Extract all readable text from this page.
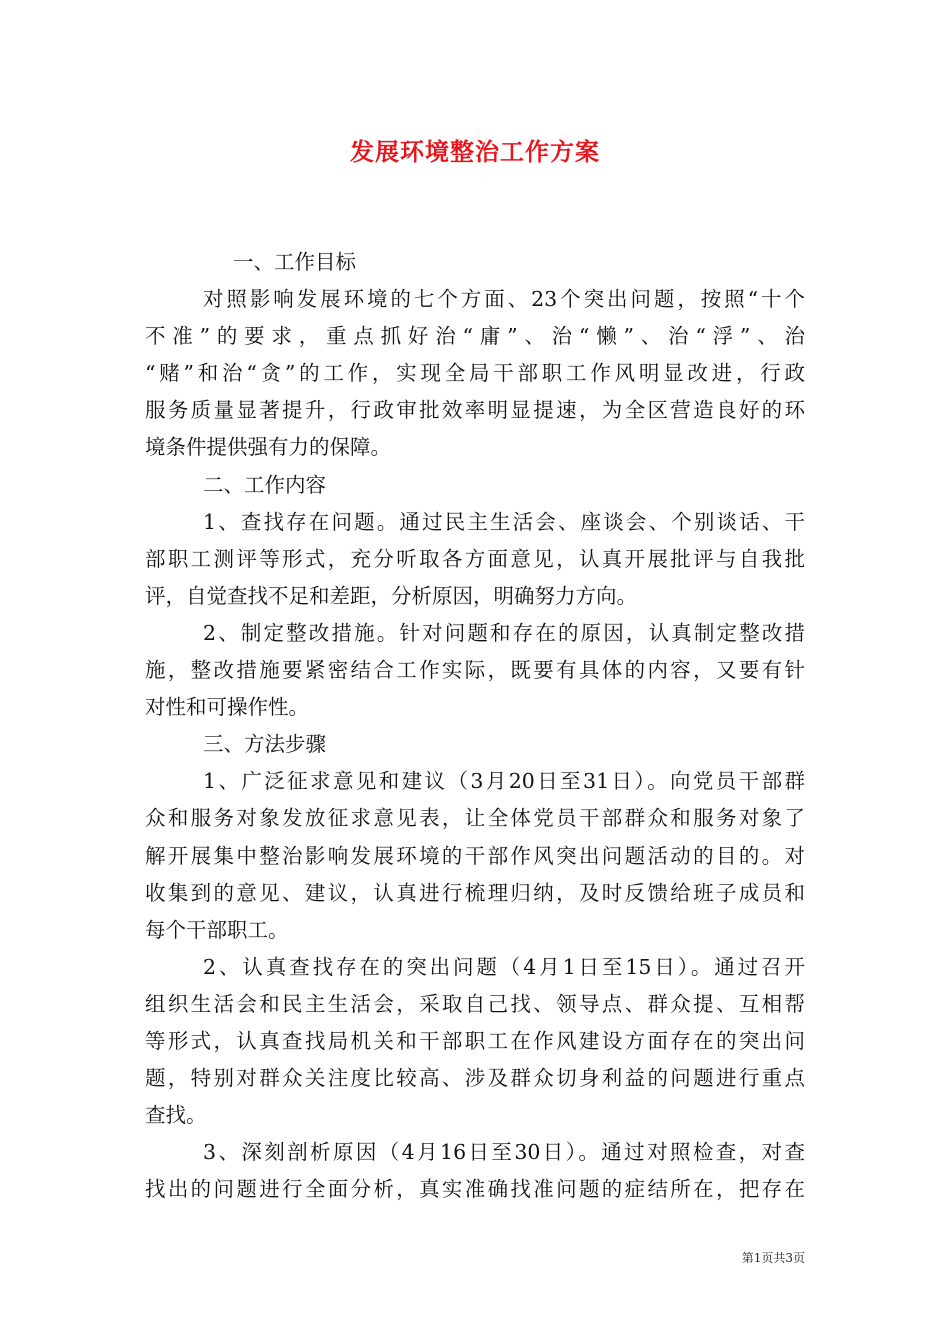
发展环境整治工作方案
一、工作目标
对照影响发展环境的七个方面、23个突出问题，按照“十个
不准”的要求，重点抓好治“庸”、治“懒”、治“浮”、治
“赌”和治“贪”的工作，实现全局干部职工作风明显改进，行政
服务质量显著提升，行政审批效率明显提速，为全区营造良好的环
境条件提供强有力的保障。
二、工作内容
1、查找存在问题。通过民主生活会、座谈会、个别谈话、干
部职工测评等形式，充分听取各方面意见，认真开展批评与自我批
评，自觉查找不足和差距，分析原因，明确努力方向。
2、制定整改措施。针对问题和存在的原因，认真制定整改措
施，整改措施要紧密结合工作实际，既要有具体的内容，又要有针
对性和可操作性。
三、方法步骤
1、广泛征求意见和建议（3月20日至31日）。向党员干部群
众和服务对象发放征求意见表，让全体党员干部群众和服务对象了
解开展集中整治影响发展环境的干部作风突出问题活动的目的。对
收集到的意见、建议，认真进行梳理归纳，及时反馈给班子成员和
每个干部职工。
2、认真查找存在的突出问题（4月1日至15日）。通过召开
组织生活会和民主生活会，采取自己找、领导点、群众提、互相帮
等形式，认真查找局机关和干部职工在作风建设方面存在的突出问
题，特别对群众关注度比较高、涉及群众切身利益的问题进行重点
查找。
3、深刻剖析原因（4月16日至30日）。通过对照检查，对查
找出的问题进行全面分析，真实准确找准问题的症结所在，把存在
第1页共3页
